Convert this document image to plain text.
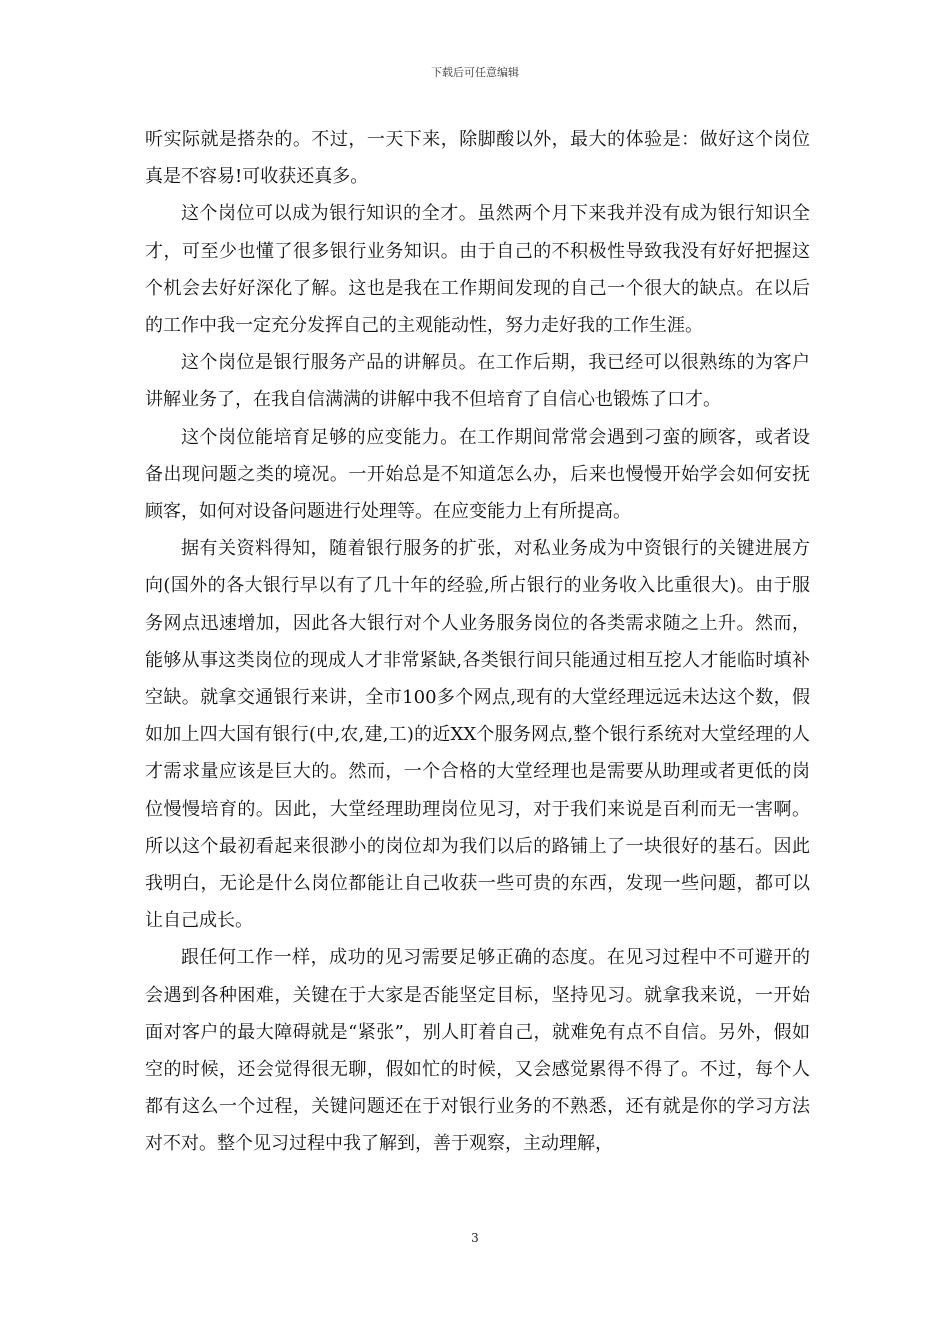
下载后可任意编辑

听实际就是搭杂的。不过，一天下来，除脚酸以外，最大的体验是：做好这个岗位真是不容易!可收获还真多。

这个岗位可以成为银行知识的全才。虽然两个月下来我并没有成为银行知识全才，可至少也懂了很多银行业务知识。由于自己的不积极性导致我没有好好把握这个机会去好好深化了解。这也是我在工作期间发现的自己一个很大的缺点。在以后的工作中我一定充分发挥自己的主观能动性，努力走好我的工作生涯。

这个岗位是银行服务产品的讲解员。在工作后期，我已经可以很熟练的为客户讲解业务了，在我自信满满的讲解中我不但培育了自信心也锻炼了口才。

这个岗位能培育足够的应变能力。在工作期间常常会遇到刁蛮的顾客，或者设备出现问题之类的境况。一开始总是不知道怎么办，后来也慢慢开始学会如何安抚顾客，如何对设备问题进行处理等。在应变能力上有所提高。

据有关资料得知，随着银行服务的扩张，对私业务成为中资银行的关键进展方向(国外的各大银行早以有了几十年的经验,所占银行的业务收入比重很大)。由于服务网点迅速增加，因此各大银行对个人业务服务岗位的各类需求随之上升。然而，能够从事这类岗位的现成人才非常紧缺,各类银行间只能通过相互挖人才能临时填补空缺。就拿交通银行来讲，全市100多个网点,现有的大堂经理远远未达这个数，假如加上四大国有银行(中,农,建,工)的近XX个服务网点,整个银行系统对大堂经理的人才需求量应该是巨大的。然而，一个合格的大堂经理也是需要从助理或者更低的岗位慢慢培育的。因此，大堂经理助理岗位见习，对于我们来说是百利而无一害啊。所以这个最初看起来很渺小的岗位却为我们以后的路铺上了一块很好的基石。因此我明白，无论是什么岗位都能让自己收获一些可贵的东西，发现一些问题，都可以让自己成长。

跟任何工作一样，成功的见习需要足够正确的态度。在见习过程中不可避开的会遇到各种困难，关键在于大家是否能坚定目标，坚持见习。就拿我来说，一开始面对客户的最大障碍就是“紧张”，别人盯着自己，就难免有点不自信。另外，假如空的时候，还会觉得很无聊，假如忙的时候，又会感觉累得不得了。不过，每个人都有这么一个过程，关键问题还在于对银行业务的不熟悉，还有就是你的学习方法对不对。整个见习过程中我了解到，善于观察，主动理解，

3
